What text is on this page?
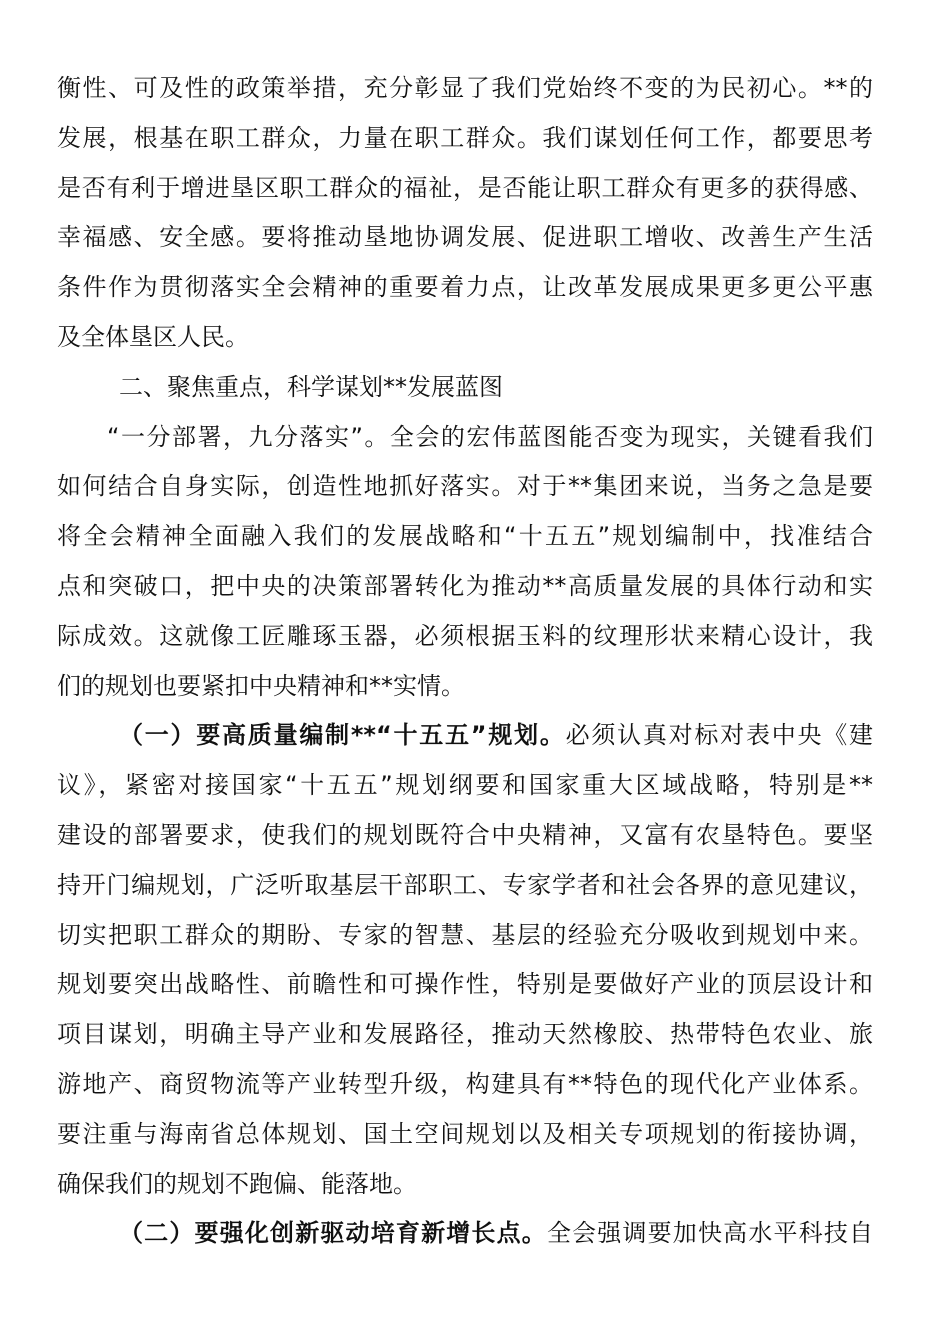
衡性、可及性的政策举措，充分彰显了我们党始终不变的为民初心。**的
发展，根基在职工群众，力量在职工群众。我们谋划任何工作，都要思考
是否有利于增进垦区职工群众的福祉，是否能让职工群众有更多的获得感、
幸福感、安全感。要将推动垦地协调发展、促进职工增收、改善生产生活
条件作为贯彻落实全会精神的重要着力点，让改革发展成果更多更公平惠
及全体垦区人民。
二、聚焦重点，科学谋划**发展蓝图
“一分部署，九分落实”。全会的宏伟蓝图能否变为现实，关键看我们
如何结合自身实际，创造性地抓好落实。对于**集团来说，当务之急是要
将全会精神全面融入我们的发展战略和“十五五”规划编制中，找准结合
点和突破口，把中央的决策部署转化为推动**高质量发展的具体行动和实
际成效。这就像工匠雕琢玉器，必须根据玉料的纹理形状来精心设计，我
们的规划也要紧扣中央精神和**实情。
（一）要高质量编制**“十五五”规划。必须认真对标对表中央《建
议》，紧密对接国家“十五五”规划纲要和国家重大区域战略，特别是**
建设的部署要求，使我们的规划既符合中央精神，又富有农垦特色。要坚
持开门编规划，广泛听取基层干部职工、专家学者和社会各界的意见建议，
切实把职工群众的期盼、专家的智慧、基层的经验充分吸收到规划中来。
规划要突出战略性、前瞻性和可操作性，特别是要做好产业的顶层设计和
项目谋划，明确主导产业和发展路径，推动天然橡胶、热带特色农业、旅
游地产、商贸物流等产业转型升级，构建具有**特色的现代化产业体系。
要注重与海南省总体规划、国土空间规划以及相关专项规划的衔接协调，
确保我们的规划不跑偏、能落地。
（二）要强化创新驱动培育新增长点。全会强调要加快高水平科技自
